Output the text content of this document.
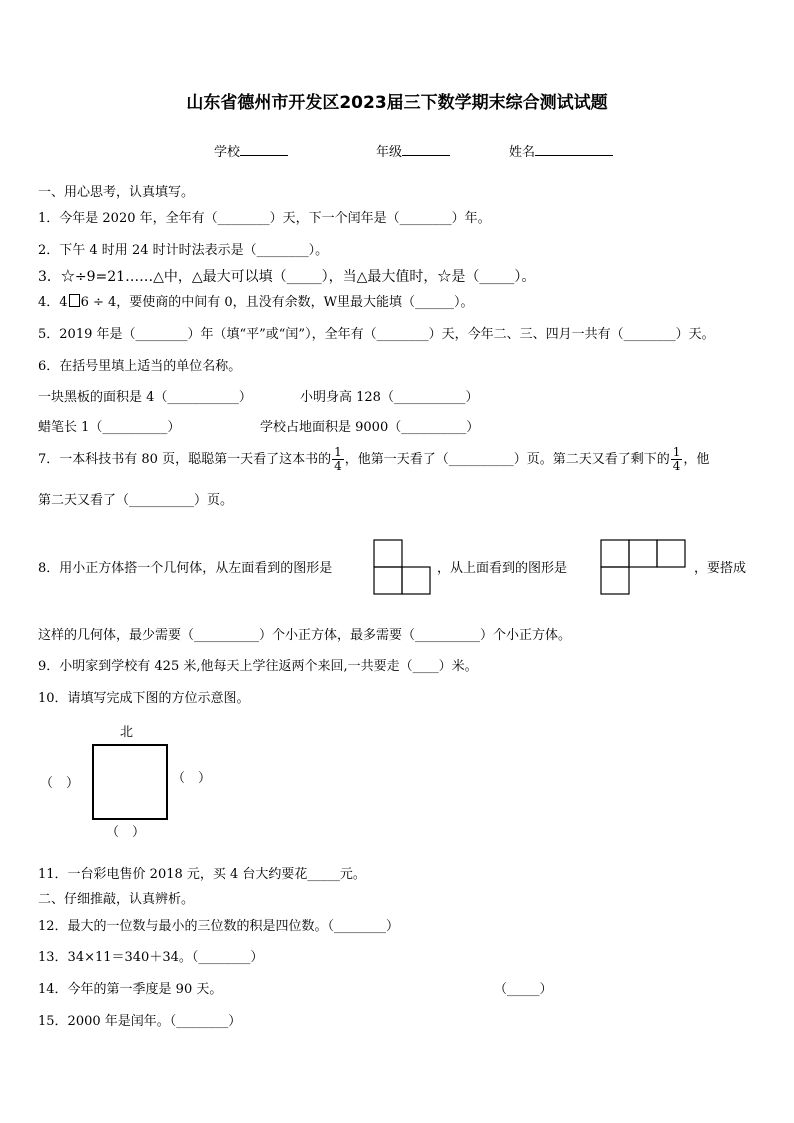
山东省德州市开发区2023届三下数学期末综合测试试题
学校	年级	姓名
一、用心思考，认真填写。
1．今年是 2020 年，全年有（________）天，下一个闰年是（________）年。
2．下午 4 时用 24 时计时法表示是（________）。
3．☆÷9=21……△中，△最大可以填（_____），当△最大值时，☆是（_____）。
4．4 6 ÷ 4，要使商的中间有 0，且没有余数，W里最大能填（______）。
5．2019 年是（________）年（填“平”或“闰”），全年有（________）天，今年二、三、四月一共有（________）天。
6．在括号里填上适当的单位名称。
一块黑板的面积是 4（___________）	小明身高 128（___________）
蜡笔长 1（__________）	学校占地面积是 9000（__________）
7．一本科技书有 80 页，聪聪第一天看了这本书的 $\frac{1}{4}$ ，他第一天看了（__________）页。第二天又看了剩下的 $\frac{1}{4}$ ，他
第二天又看了（__________）页。
8．用小正方体搭一个几何体，从左面看到的图形是	，从上面看到的图形是	，要搭成
这样的几何体，最少需要（__________）个小正方体，最多需要（__________）个小正方体。
9．小明家到学校有 425 米,他每天上学往返两个来回,一共要走（____）米。
10．请填写完成下图的方位示意图。
北
（　）	（　）
（　）
11．一台彩电售价 2018 元，买 4 台大约要花_____元。
二、仔细推敲，认真辨析。
12．最大的一位数与最小的三位数的积是四位数。（________）
13．34×11＝340＋34。（________）
14．今年的第一季度是 90 天。	（_____）
15．2000 年是闰年。（________）
